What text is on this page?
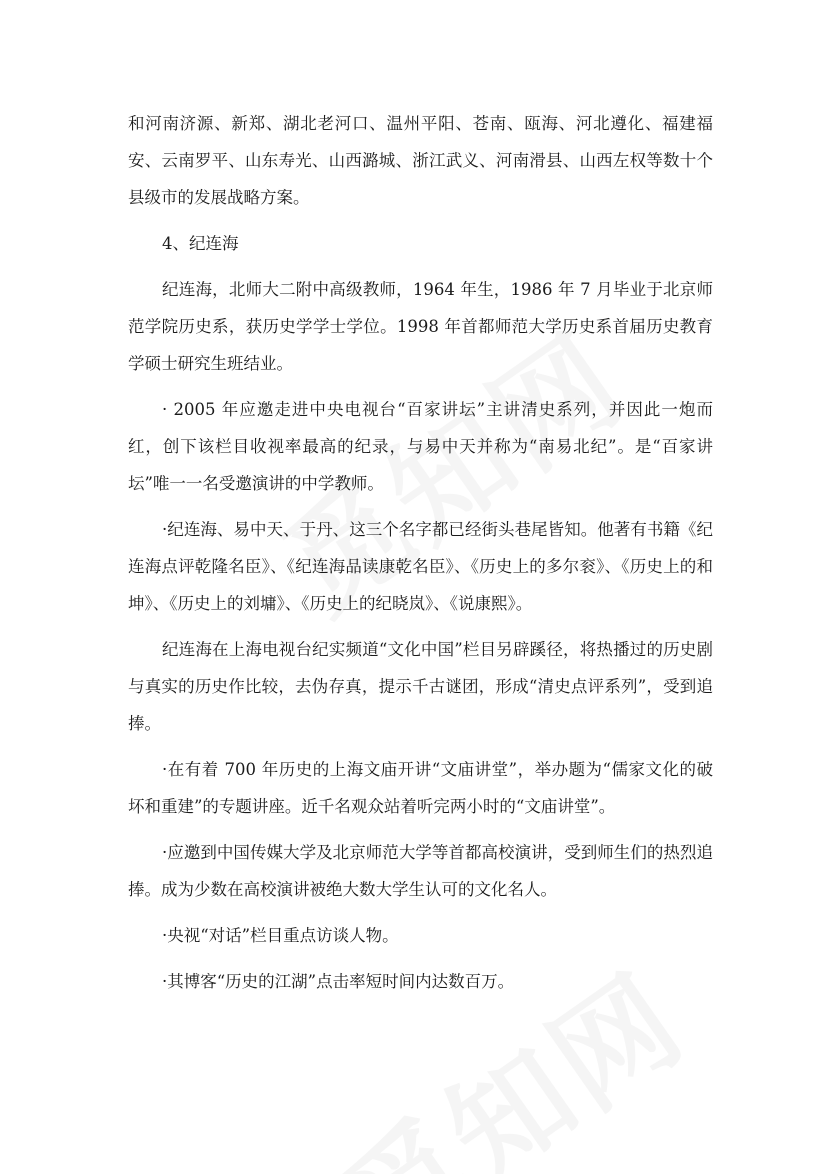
和河南济源、新郑、湖北老河口、温州平阳、苍南、瓯海、河北遵化、福建福安、云南罗平、山东寿光、山西潞城、浙江武义、河南滑县、山西左权等数十个县级市的发展战略方案。

4、纪连海

纪连海，北师大二附中高级教师，1964 年生，1986 年 7 月毕业于北京师范学院历史系，获历史学学士学位。1998 年首都师范大学历史系首届历史教育学硕士研究生班结业。

· 2005 年应邀走进中央电视台“百家讲坛”主讲清史系列，并因此一炮而红，创下该栏目收视率最高的纪录，与易中天并称为“南易北纪”。是“百家讲坛”唯一一名受邀演讲的中学教师。

·纪连海、易中天、于丹、这三个名字都已经街头巷尾皆知。他著有书籍《纪连海点评乾隆名臣》、《纪连海品读康乾名臣》、《历史上的多尔衮》、《历史上的和坤》、《历史上的刘墉》、《历史上的纪晓岚》、《说康熙》。

纪连海在上海电视台纪实频道“文化中国”栏目另辟蹊径，将热播过的历史剧与真实的历史作比较，去伪存真，提示千古谜团，形成“清史点评系列”，受到追捧。

·在有着 700 年历史的上海文庙开讲“文庙讲堂”，举办题为“儒家文化的破坏和重建”的专题讲座。近千名观众站着听完两小时的“文庙讲堂”。

·应邀到中国传媒大学及北京师范大学等首都高校演讲，受到师生们的热烈追捧。成为少数在高校演讲被绝大数大学生认可的文化名人。

·央视“对话”栏目重点访谈人物。

·其博客“历史的江湖”点击率短时间内达数百万。
